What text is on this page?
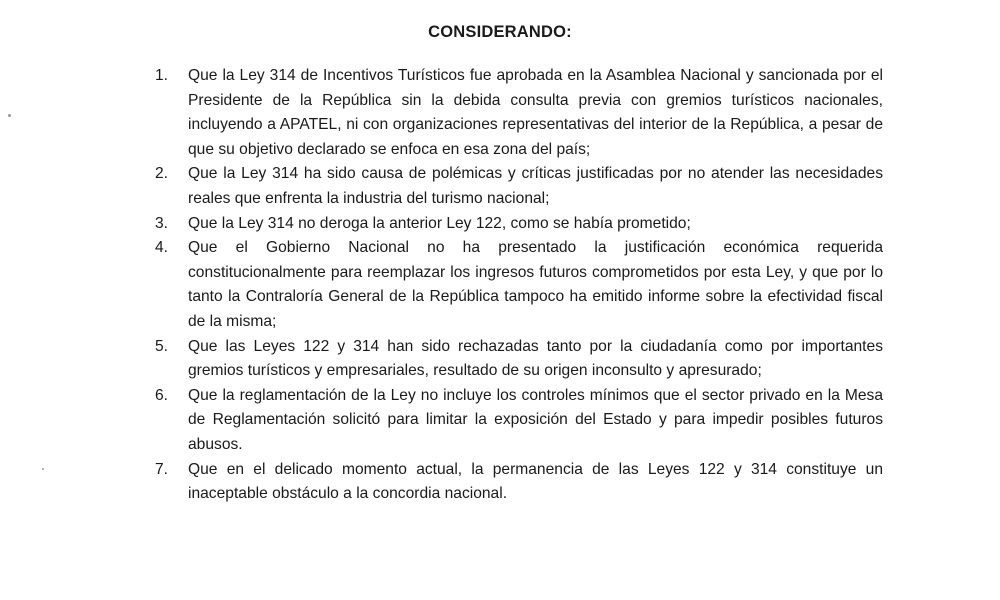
CONSIDERANDO:
1.	Que la Ley 314 de Incentivos Turísticos fue aprobada en la Asamblea Nacional y sancionada por el Presidente de la República sin la debida consulta previa con gremios turísticos nacionales, incluyendo a APATEL, ni con organizaciones representativas del interior de la República, a pesar de que su objetivo declarado se enfoca en esa zona del país;
2.	Que la Ley 314 ha sido causa de polémicas y críticas justificadas por no atender las necesidades reales que enfrenta la industria del turismo nacional;
3.	Que la Ley 314 no deroga la anterior Ley 122, como se había prometido;
4.	Que el Gobierno Nacional no ha presentado la justificación económica requerida constitucionalmente para reemplazar los ingresos futuros comprometidos por esta Ley, y que por lo tanto la Contraloría General de la República tampoco ha emitido informe sobre la efectividad fiscal de la misma;
5.	Que las Leyes 122 y 314 han sido rechazadas tanto por la ciudadanía como por importantes gremios turísticos y empresariales, resultado de su origen inconsulto y apresurado;
6.	Que la reglamentación de la Ley no incluye los controles mínimos que el sector privado en la Mesa de Reglamentación solicitó para limitar la exposición del Estado y para impedir posibles futuros abusos.
7.	Que en el delicado momento actual, la permanencia de las Leyes 122 y 314 constituye un inaceptable obstáculo a la concordia nacional.
